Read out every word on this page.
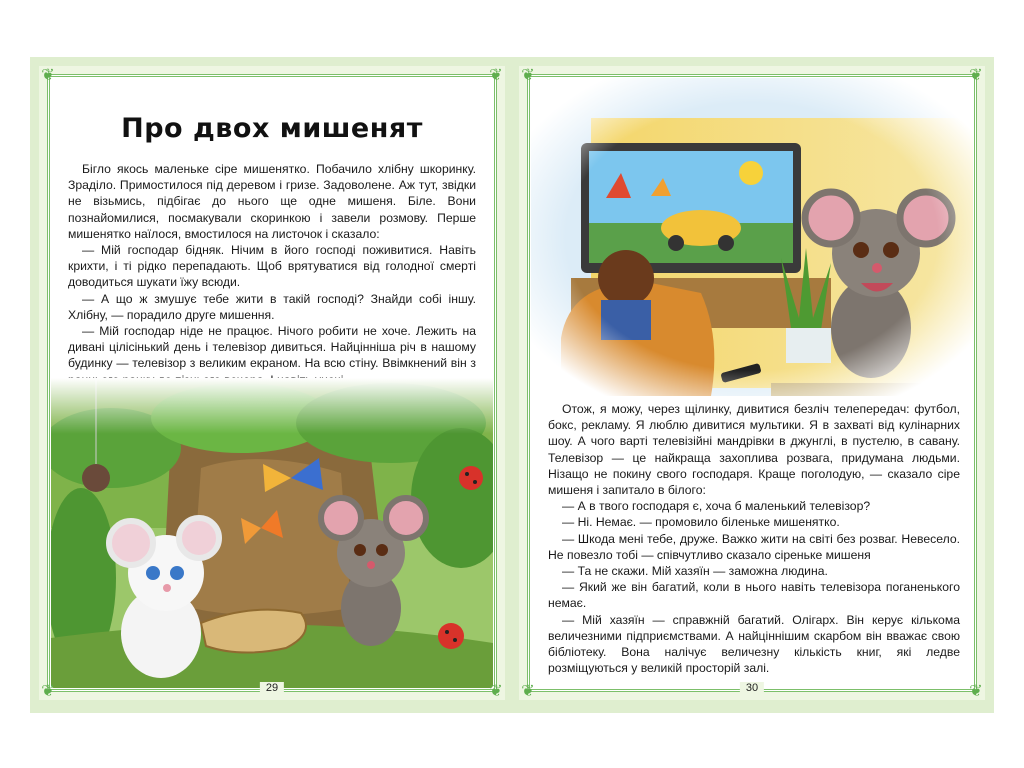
Про двох мишенят

Бігло якось маленьке сіре мишенятко. Побачило хлібну шкоринку. Зраділо. Примостилося під деревом і гризе. Задоволене. Аж тут, звідки не візьмись, підбігає до нього ще одне мишеня. Біле. Вони познайомилися, посмакували скоринкою і завели розмову. Перше мишенятко наїлося, вмостилося на листочок і сказало:

— Мій господар бідняк. Нічим в його господі поживитися. Навіть крихти, і ті рідко перепадають. Щоб врятуватися від голодної смерті доводиться шукати їжу всюди.

— А що ж змушує тебе жити в такій господі? Знайди собі іншу. Хлібну, — порадило друге мишення.

— Мій господар ніде не працює. Нічого робити не хоче. Лежить на дивані цілісінький день і телевізор дивиться. Найцінніша річ в нашому будинку — телевізор з великим екраном. На всю стіну. Ввімкнений він з

29
❦	❦
❦	❦

Отож, я можу, через щілинку, дивитися безліч телепередач: футбол, бокс, рекламу. Я люблю дивитися мультики. Я в захваті від кулінарних шоу. А чого варті телевізійні мандрівки в джунглі, в пустелю, в савану. Телевізор — це найкраща захоплива розвага, придумана людьми. Нізащо не покину свого господаря. Краще поголодую, — сказало сіре мишеня і запитало в білого:

— А в твого господаря є, хоча б маленький телевізор?

— Ні. Немає. — промовило біленьке мишенятко.

— Шкода мені тебе, друже. Важко жити на світі без розваг. Невесело. Не повезло тобі — співчутливо сказало сіреньке мишеня

— Та не скажи. Мій хазяїн — заможна людина.

— Який же він багатий, коли в нього навіть телевізора поганенького немає.

— Мій хазяїн — справжній багатий. Олігарх. Він керує кількома величезними підприємствами. А найціннішим скарбом він вважає свою бібліотеку. Вона налічує величезну кількість книг, які ледве розміщуються у великій просторій залі.

30
❦	❦
❦	❦
